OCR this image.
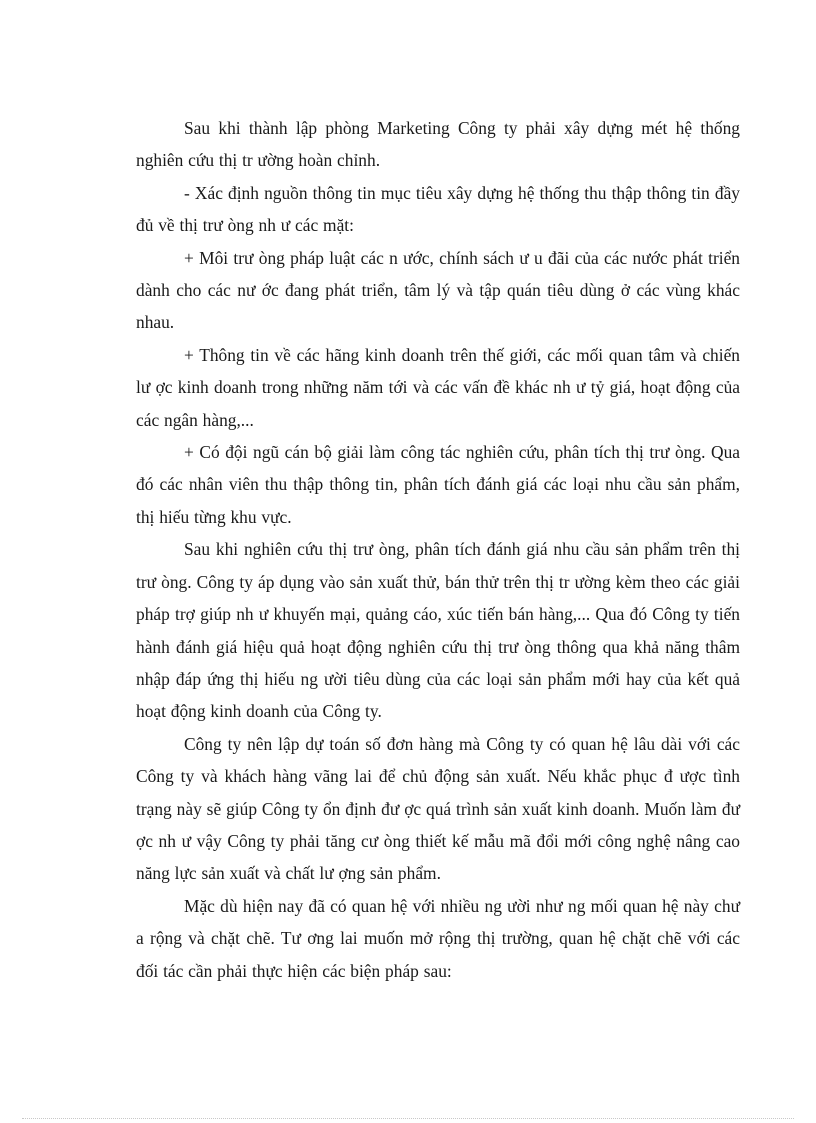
Sau khi thành lập phòng Marketing Công ty phải xây dựng mét hệ thống nghiên cứu thị tr ường hoàn chỉnh.

- Xác định nguồn thông tin mục tiêu xây dựng hệ thống thu thập thông tin đầy đủ về thị trư òng nh ư các mặt:

+ Môi trư òng pháp luật các n ước, chính sách ư u đãi của các nước phát triển dành cho các nư ớc đang phát triển, tâm lý và tập quán tiêu dùng ở các vùng khác nhau.

+ Thông tin về các hãng kinh doanh trên thế giới, các mối quan tâm và chiến lư ợc kinh doanh trong những năm tới và các vấn đề khác nh ư tỷ giá, hoạt động của các ngân hàng,...

+ Có đội ngũ cán bộ giải làm công tác nghiên cứu, phân tích thị trư òng. Qua đó các nhân viên thu thập thông tin, phân tích đánh giá các loại nhu cầu sản phẩm, thị hiếu từng khu vực.

Sau khi nghiên cứu thị trư òng, phân tích đánh giá nhu cầu sản phẩm trên thị trư òng. Công ty áp dụng vào sản xuất thử, bán thử trên thị tr ường kèm theo các giải pháp trợ giúp nh ư khuyến mại, quảng cáo, xúc tiến bán hàng,... Qua đó Công ty tiến hành đánh giá hiệu quả hoạt động nghiên cứu thị trư òng thông qua khả năng thâm nhập đáp ứng thị hiếu ng ười tiêu dùng của các loại sản phẩm mới hay của kết quả hoạt động kinh doanh của Công ty.

Công ty nên lập dự toán số đơn hàng mà Công ty có quan hệ lâu dài với các Công ty và khách hàng vãng lai để chủ động sản xuất. Nếu khắc phục đ ược tình trạng này sẽ giúp Công ty ổn định đư ợc quá trình sản xuất kinh doanh. Muốn làm đư ợc nh ư vậy Công ty phải tăng cư òng thiết kế mẫu mã đổi mới công nghệ nâng cao năng lực sản xuất và chất lư ợng sản phẩm.

Mặc dù hiện nay đã có quan hệ với nhiều ng ười như ng mối quan hệ này chư a rộng và chặt chẽ. Tư ơng lai muốn mở rộng thị trường, quan hệ chặt chẽ với các đối tác cần phải thực hiện các biện pháp sau:
